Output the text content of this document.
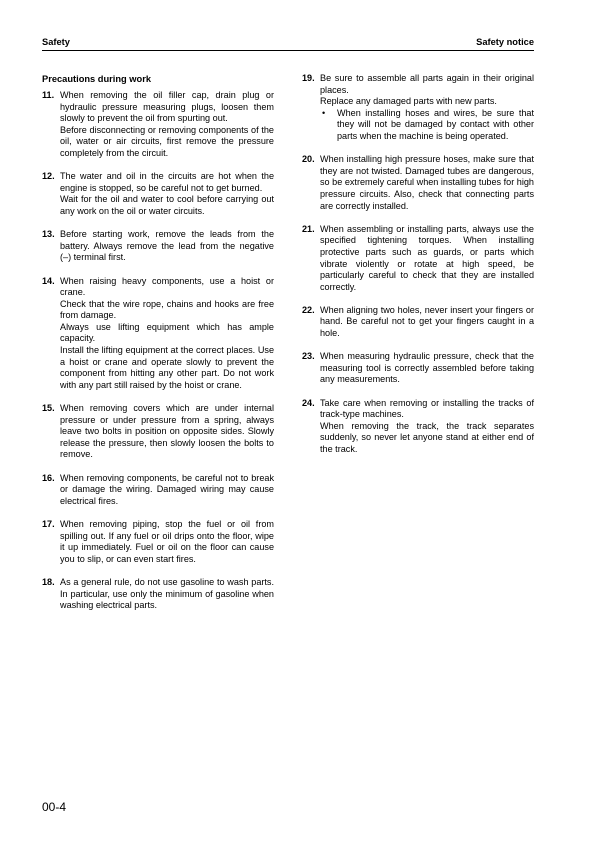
Safety	Safety notice
Precautions during work
11. When removing the oil filler cap, drain plug or hydraulic pressure measuring plugs, loosen them slowly to prevent the oil from spurting out.

Before disconnecting or removing components of the oil, water or air circuits, first remove the pressure completely from the circuit.

12. The water and oil in the circuits are hot when the engine is stopped, so be careful not to get burned.

Wait for the oil and water to cool before carrying out any work on the oil or water circuits.

13. Before starting work, remove the leads from the battery. Always remove the lead from the negative (–) terminal first.

14. When raising heavy components, use a hoist or crane.

Check that the wire rope, chains and hooks are free from damage.

Always use lifting equipment which has ample capacity.

Install the lifting equipment at the correct places. Use a hoist or crane and operate slowly to prevent the component from hitting any other part. Do not work with any part still raised by the hoist or crane.

15. When removing covers which are under internal pressure or under pressure from a spring, always leave two bolts in position on opposite sides. Slowly release the pressure, then slowly loosen the bolts to remove.

16. When removing components, be careful not to break or damage the wiring. Damaged wiring may cause electrical fires.

17. When removing piping, stop the fuel or oil from spilling out. If any fuel or oil drips onto the floor, wipe it up immediately. Fuel or oil on the floor can cause you to slip, or can even start fires.

18. As a general rule, do not use gasoline to wash parts. In particular, use only the minimum of gasoline when washing electrical parts.

19. Be sure to assemble all parts again in their original places.

Replace any damaged parts with new parts.

• When installing hoses and wires, be sure that they will not be damaged by contact with other parts when the machine is being operated.

20. When installing high pressure hoses, make sure that they are not twisted. Damaged tubes are dangerous, so be extremely careful when installing tubes for high pressure circuits. Also, check that connecting parts are correctly installed.

21. When assembling or installing parts, always use the specified tightening torques. When installing protective parts such as guards, or parts which vibrate violently or rotate at high speed, be particularly careful to check that they are installed correctly.

22. When aligning two holes, never insert your fingers or hand. Be careful not to get your fingers caught in a hole.

23. When measuring hydraulic pressure, check that the measuring tool is correctly assembled before taking any measurements.

24. Take care when removing or installing the tracks of track-type machines.

When removing the track, the track separates suddenly, so never let anyone stand at either end of the track.

00-4
